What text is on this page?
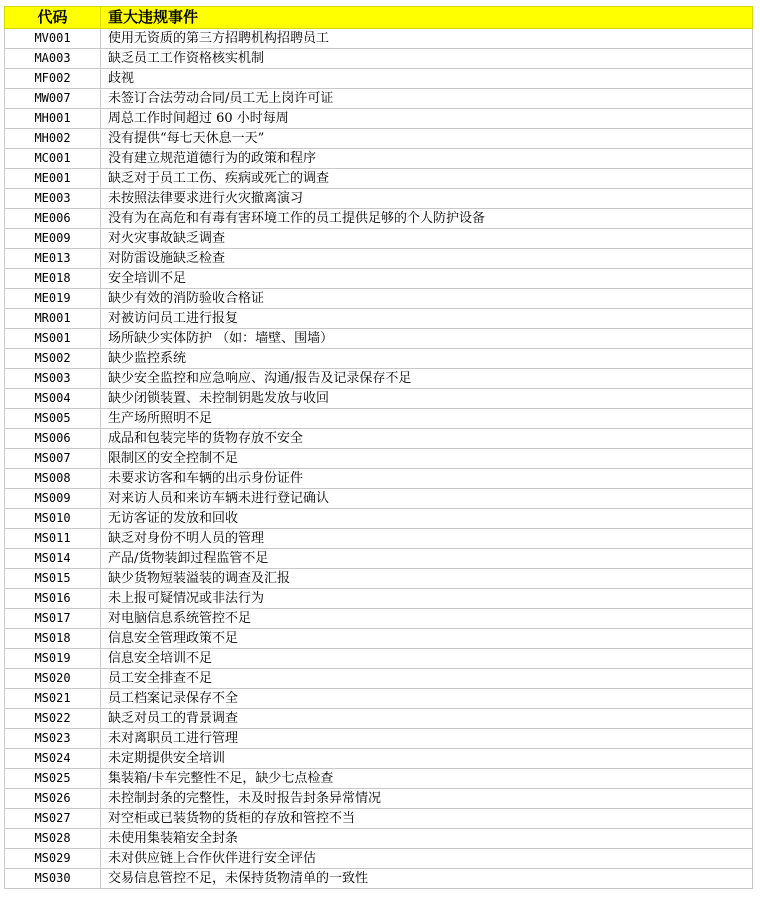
代码	重大违规事件
MV001	使用无资质的第三方招聘机构招聘员工
MA003	缺乏员工工作资格核实机制
MF002	歧视
MW007	未签订合法劳动合同/员工无上岗许可证
MH001	周总工作时间超过 60 小时每周
MH002	没有提供“每七天休息一天”
MC001	没有建立规范道德行为的政策和程序
ME001	缺乏对于员工工伤、疾病或死亡的调查
ME003	未按照法律要求进行火灾撤离演习
ME006	没有为在高危和有毒有害环境工作的员工提供足够的个人防护设备
ME009	对火灾事故缺乏调查
ME013	对防雷设施缺乏检查
ME018	安全培训不足
ME019	缺少有效的消防验收合格证
MR001	对被访问员工进行报复
MS001	场所缺少实体防护 （如：墙壁、围墙）
MS002	缺少监控系统
MS003	缺少安全监控和应急响应、沟通/报告及记录保存不足
MS004	缺少闭锁装置、未控制钥匙发放与收回
MS005	生产场所照明不足
MS006	成品和包装完毕的货物存放不安全
MS007	限制区的安全控制不足
MS008	未要求访客和车辆的出示身份证件
MS009	对来访人员和来访车辆未进行登记确认
MS010	无访客证的发放和回收
MS011	缺乏对身份不明人员的管理
MS014	产品/货物装卸过程监管不足
MS015	缺少货物短装溢装的调查及汇报
MS016	未上报可疑情况或非法行为
MS017	对电脑信息系统管控不足
MS018	信息安全管理政策不足
MS019	信息安全培训不足
MS020	员工安全排查不足
MS021	员工档案记录保存不全
MS022	缺乏对员工的背景调查
MS023	未对离职员工进行管理
MS024	未定期提供安全培训
MS025	集装箱/卡车完整性不足，缺少七点检查
MS026	未控制封条的完整性，未及时报告封条异常情况
MS027	对空柜或已装货物的货柜的存放和管控不当
MS028	未使用集装箱安全封条
MS029	未对供应链上合作伙伴进行安全评估
MS030	交易信息管控不足，未保持货物清单的一致性
